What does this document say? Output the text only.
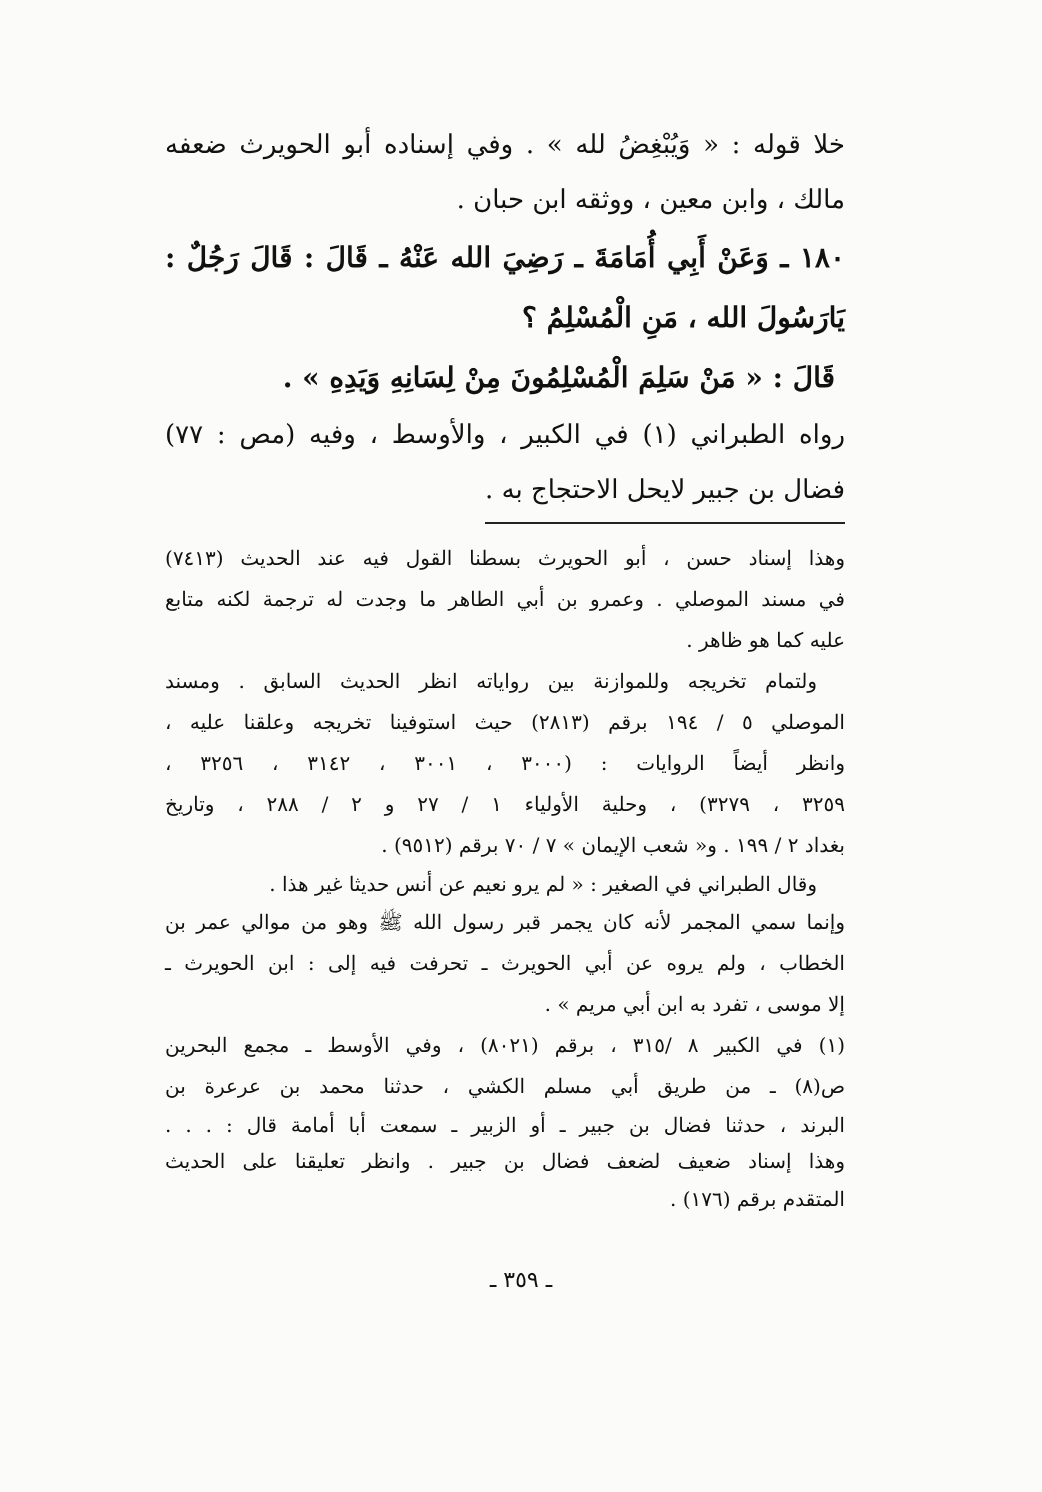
خلا قوله : « وَيُبْغِضُ لله » . وفي إسناده أبو الحويرث ضعفه

مالك ، وابن معين ، ووثقه ابن حبان .

١٨٠ ـ وَعَنْ أَبِي أُمَامَةَ ـ رَضِيَ الله عَنْهُ ـ قَالَ : قَالَ رَجُلٌ :

يَارَسُولَ الله ، مَنِ الْمُسْلِمُ ؟

قَالَ : « مَنْ سَلِمَ الْمُسْلِمُونَ مِنْ لِسَانِهِ وَيَدِهِ » .

رواه الطبراني (١) في الكبير ، والأوسط ، وفيه (مص : ٧٧)

فضال بن جبير لايحل الاحتجاج به .

وهذا إسناد حسن ، أبو الحويرث بسطنا القول فيه عند الحديث (٧٤١٣)

في مسند الموصلي . وعمرو بن أبي الطاهر ما وجدت له ترجمة لكنه متابع

عليه كما هو ظاهر .

ولتمام تخريجه وللموازنة بين رواياته انظر الحديث السابق . ومسند

الموصلي ٥ / ١٩٤ برقم (٢٨١٣) حيث استوفينا تخريجه وعلقنا عليه ،

وانظر أيضاً الروايات : (٣٠٠٠ ، ٣٠٠١ ، ٣١٤٢ ، ٣٢٥٦ ،

٣٢٥٩ ، ٣٢٧٩) ، وحلية الأولياء ١ / ٢٧ و ٢ / ٢٨٨ ، وتاريخ

بغداد ٢ / ١٩٩ . و« شعب الإيمان » ٧ / ٧٠ برقم (٩٥١٢) .

وقال الطبراني في الصغير : « لم يرو نعيم عن أنس حديثا غير هذا .

وإنما سمي المجمر لأنه كان يجمر قبر رسول الله ﷺ وهو من موالي عمر بن

الخطاب ، ولم يروه عن أبي الحويرث ـ تحرفت فيه إلى : ابن الحويرث ـ

إلا موسى ، تفرد به ابن أبي مريم » .

(١) في الكبير ٨ /٣١٥ ، برقم (٨٠٢١) ، وفي الأوسط ـ مجمع البحرين

ص(٨) ـ من طريق أبي مسلم الكشي ، حدثنا محمد بن عرعرة بن

البرند ، حدثنا فضال بن جبير ـ أو الزبير ـ سمعت أبا أمامة قال : . . .

وهذا إسناد ضعيف لضعف فضال بن جبير . وانظر تعليقنا على الحديث

المتقدم برقم (١٧٦) .

ـ ٣٥٩ ـ
